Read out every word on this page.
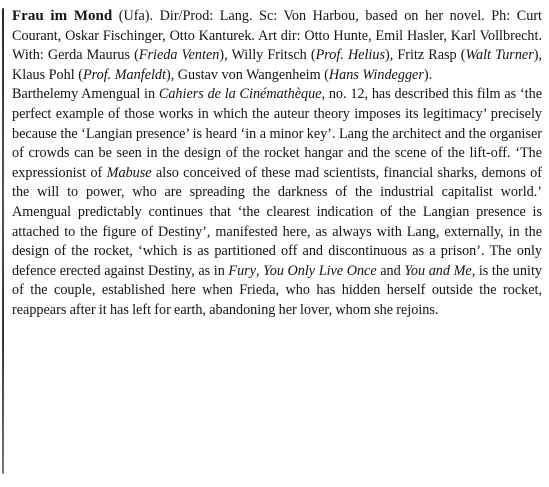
Frau im Mond (Ufa). Dir/Prod: Lang. Sc: Von Harbou, based on her novel. Ph: Curt Courant, Oskar Fischinger, Otto Kanturek. Art dir: Otto Hunte, Emil Hasler, Karl Vollbrecht. With: Gerda Maurus (Frieda Venten), Willy Fritsch (Prof. Helius), Fritz Rasp (Walt Turner), Klaus Pohl (Prof. Manfeldt), Gustav von Wangenheim (Hans Windegger).

Barthelemy Amengual in Cahiers de la Cinémathèque, no. 12, has described this film as ‘the perfect example of those works in which the auteur theory imposes its legitimacy’ precisely because the ‘Langian presence’ is heard ‘in a minor key’. Lang the architect and the organiser of crowds can be seen in the design of the rocket hangar and the scene of the lift-off. ‘The expressionist of Mabuse also conceived of these mad scientists, financial sharks, demons of the will to power, who are spreading the darkness of the industrial capitalist world.’ Amengual predictably continues that ‘the clearest indication of the Langian presence is attached to the figure of Destiny’, manifested here, as always with Lang, externally, in the design of the rocket, ‘which is as partitioned off and discontinuous as a prison’. The only defence erected against Destiny, as in Fury, You Only Live Once and You and Me, is the unity of the couple, established here when Frieda, who has hidden herself outside the rocket, reappears after it has left for earth, abandoning her lover, whom she rejoins.
